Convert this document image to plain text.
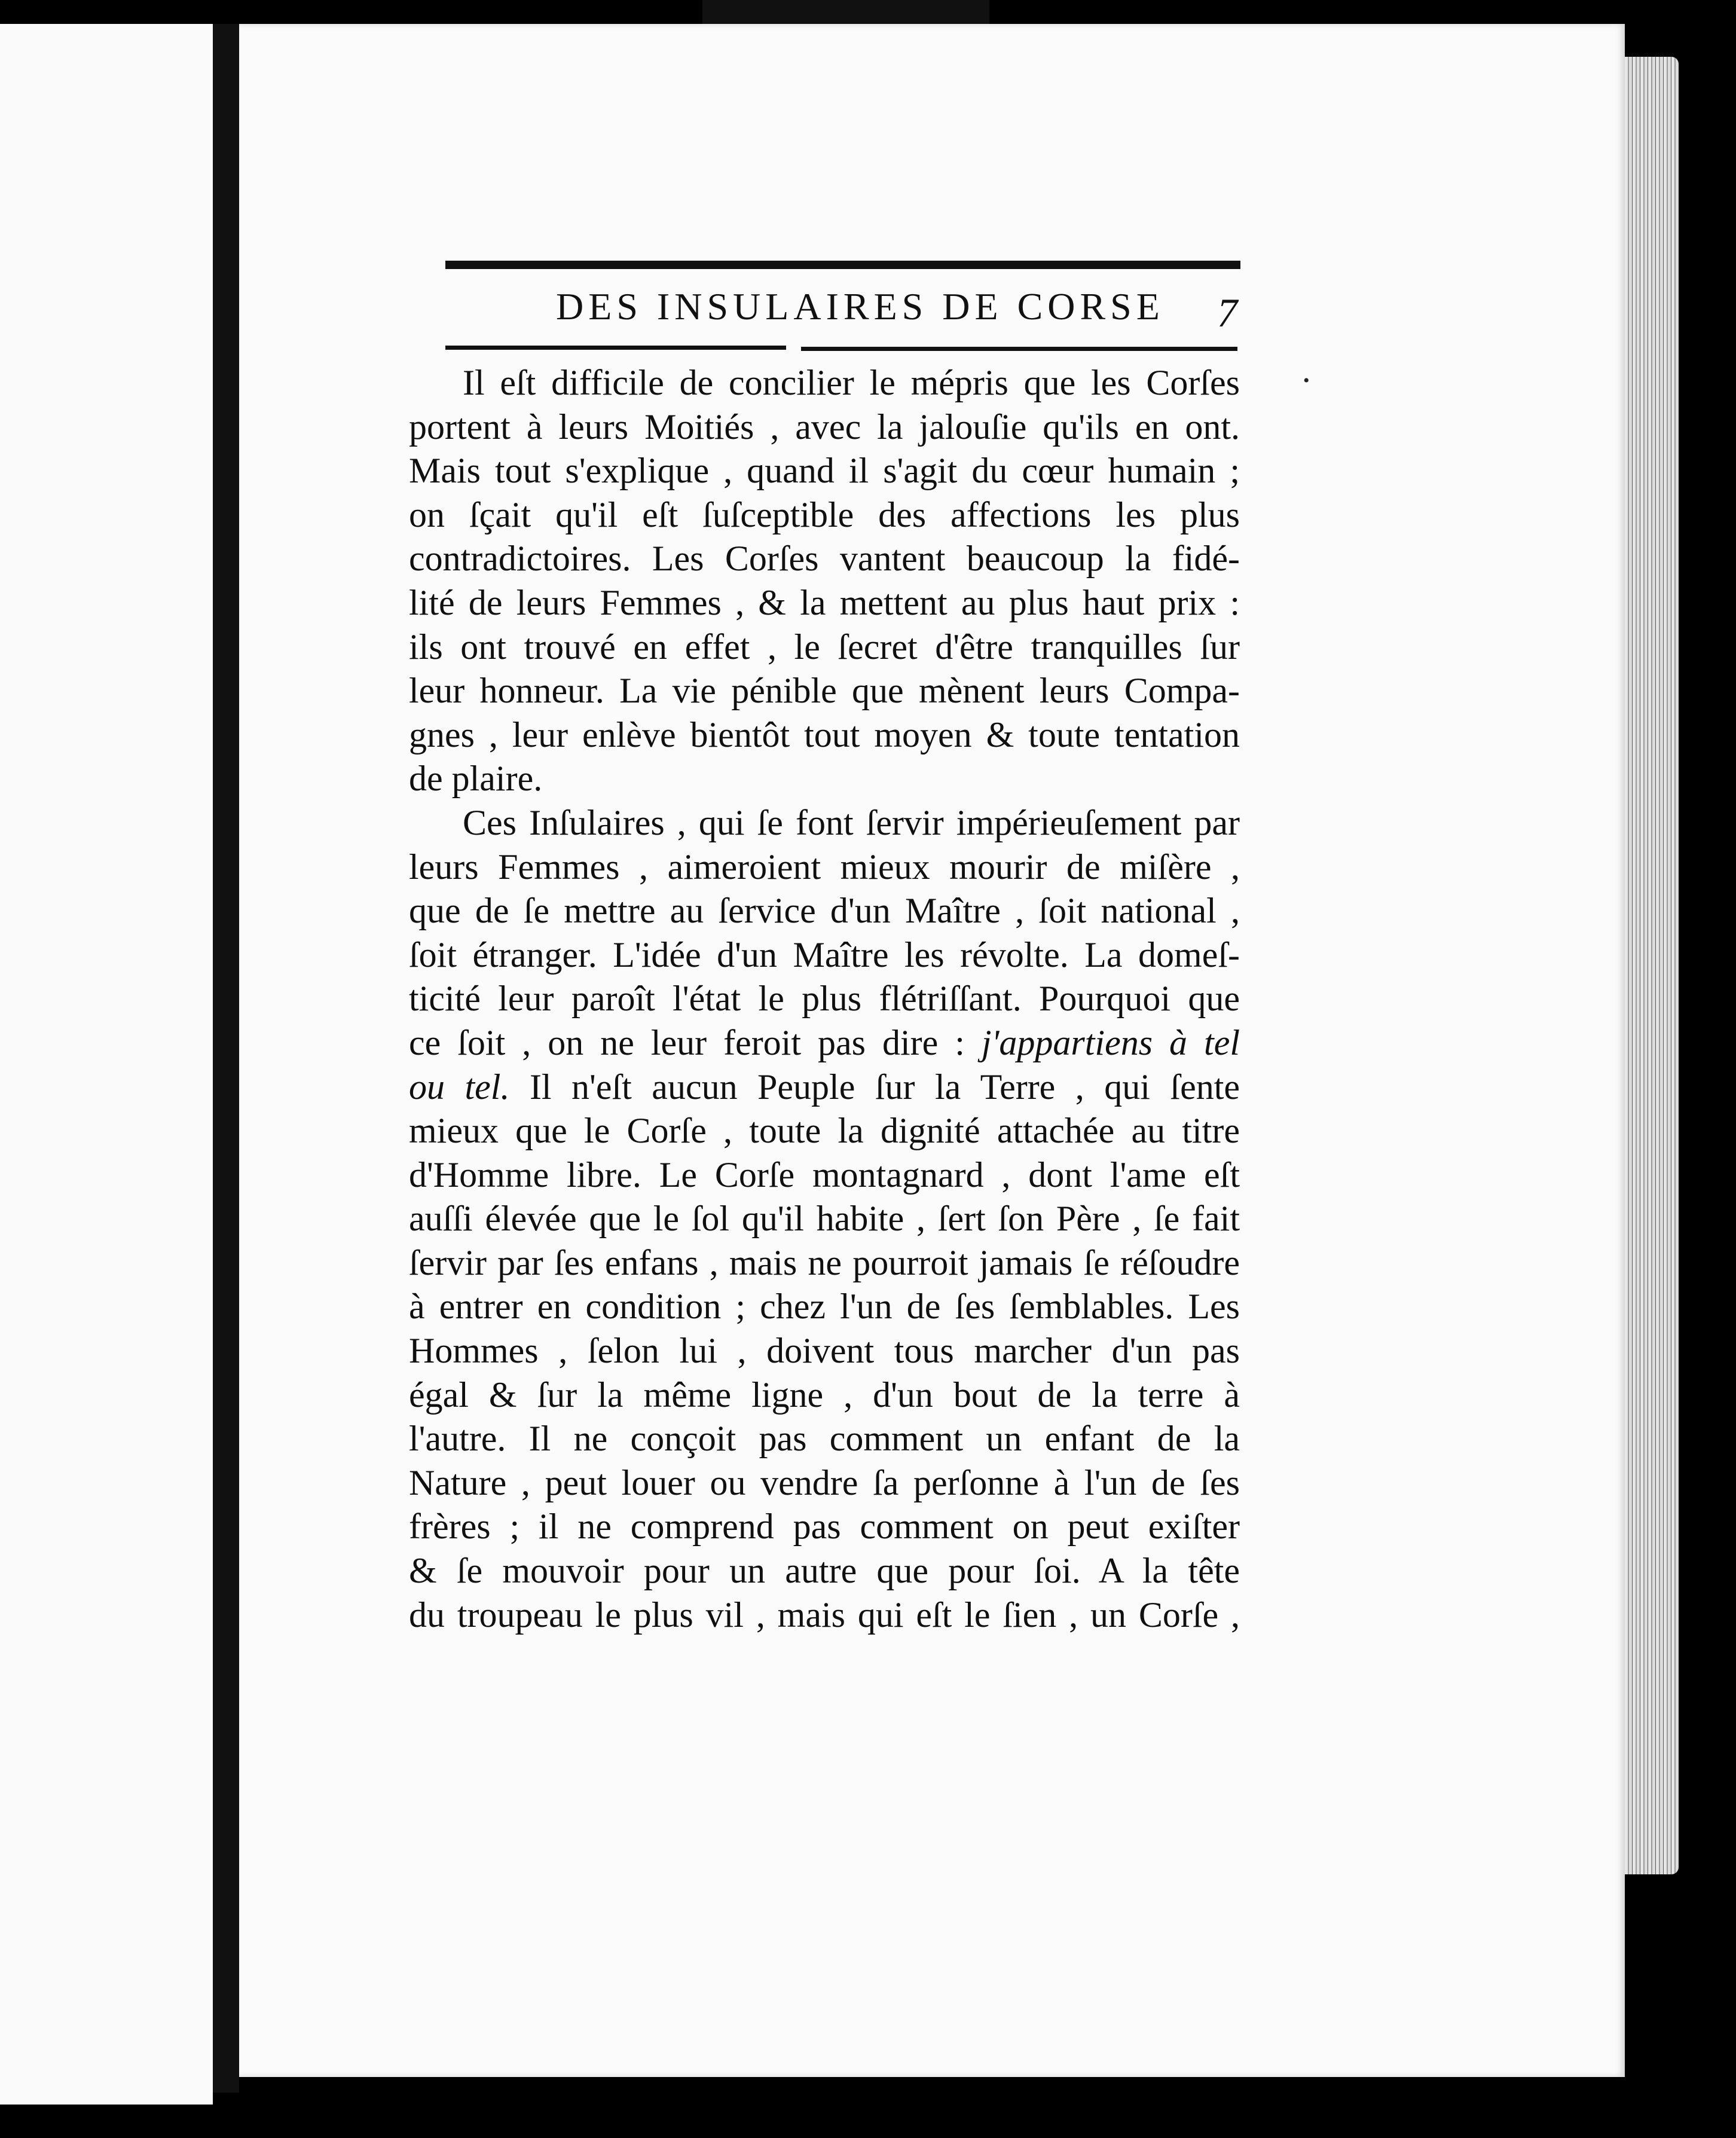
DES INSULAIRES DE CORSE 7
•
Il eſt difficile de concilier le mépris que les Corſes
portent à leurs Moitiés , avec la jalouſie qu'ils en ont.
Mais tout s'explique , quand il s'agit du cœur humain ;
on ſçait qu'il eſt ſuſceptible des affections les plus
contradictoires. Les Corſes vantent beaucoup la fidé-
lité de leurs Femmes , & la mettent au plus haut prix :
ils ont trouvé en effet , le ſecret d'être tranquilles ſur
leur honneur. La vie pénible que mènent leurs Compa-
gnes , leur enlève bientôt tout moyen & toute tentation
de plaire.
Ces Inſulaires , qui ſe font ſervir impérieuſement par
leurs Femmes , aimeroient mieux mourir de miſère ,
que de ſe mettre au ſervice d'un Maître , ſoit national ,
ſoit étranger. L'idée d'un Maître les révolte. La domeſ-
ticité leur paroît l'état le plus flétriſſant. Pourquoi que
ce ſoit , on ne leur feroit pas dire : j'appartiens à tel
ou tel. Il n'eſt aucun Peuple ſur la Terre , qui ſente
mieux que le Corſe , toute la dignité attachée au titre
d'Homme libre. Le Corſe montagnard , dont l'ame eſt
auſſi élevée que le ſol qu'il habite , ſert ſon Père , ſe fait
ſervir par ſes enfans , mais ne pourroit jamais ſe réſoudre
à entrer en condition ; chez l'un de ſes ſemblables. Les
Hommes , ſelon lui , doivent tous marcher d'un pas
égal & ſur la même ligne , d'un bout de la terre à
l'autre. Il ne conçoit pas comment un enfant de la
Nature , peut louer ou vendre ſa perſonne à l'un de ſes
frères ; il ne comprend pas comment on peut exiſter
& ſe mouvoir pour un autre que pour ſoi. A la tête
du troupeau le plus vil , mais qui eſt le ſien , un Corſe ,
